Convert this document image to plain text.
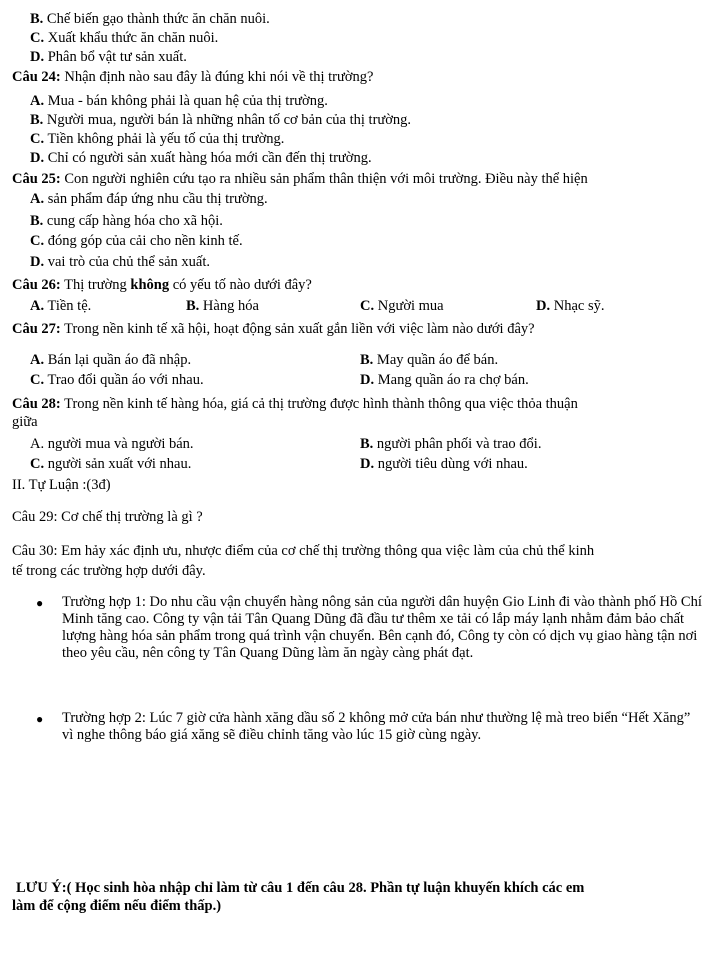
B. Chế biến gạo thành thức ăn chăn nuôi.
C. Xuất khẩu thức ăn chăn nuôi.
D. Phân bổ vật tư sản xuất.
Câu 24: Nhận định nào sau đây là đúng khi nói về thị trường?
A. Mua - bán không phải là quan hệ của thị trường.
B. Người mua, người bán là những nhân tố cơ bản của thị trường.
C. Tiền không phải là yếu tố của thị trường.
D. Chỉ có người sản xuất hàng hóa mới cần đến thị trường.
Câu 25: Con người nghiên cứu tạo ra nhiều sản phẩm thân thiện với môi trường. Điều này thể hiện
A. sản phẩm đáp ứng nhu cầu thị trường.
B. cung cấp hàng hóa cho xã hội.
C. đóng góp của cải cho nền kinh tế.
D. vai trò của chủ thể sản xuất.
Câu 26: Thị trường không có yếu tố nào dưới đây?
A. Tiền tệ.	B. Hàng hóa	C. Người mua	D. Nhạc sỹ.
Câu 27: Trong nền kinh tế xã hội, hoạt động sản xuất gắn liền với việc làm nào dưới đây?
A. Bán lại quần áo đã nhập.	B. May quần áo để bán.
C. Trao đổi quần áo với nhau.	D. Mang quần áo ra chợ bán.
Câu 28: Trong nền kinh tế hàng hóa, giá cả thị trường được hình thành thông qua việc thỏa thuận
giữa
A. người mua và người bán.	B. người phân phối và trao đổi.
C. người sản xuất với nhau.	D. người tiêu dùng với nhau.
II. Tự Luận :(3đ)
Câu 29: Cơ chế thị trường là gì ?
Câu 30: Em hảy xác định ưu, nhược điểm của cơ chế thị trường thông qua việc làm của chủ thể kinh
tế trong các trường hợp dưới đây.
● Trường hợp 1: Do nhu cầu vận chuyển hàng nông sản của người dân huyện Gio Linh đi vào thành phố Hồ Chí Minh tăng cao. Công ty vận tải Tân Quang Dũng đã đầu tư thêm xe tải có lắp máy lạnh nhằm đảm bảo chất lượng hàng hóa sản phẩm trong quá trình vận chuyển. Bên cạnh đó, Công ty còn có dịch vụ giao hàng tận nơi theo yêu cầu, nên công ty Tân Quang Dũng làm ăn ngày càng phát đạt.
● Trường hợp 2: Lúc 7 giờ cửa hành xăng dầu số 2 không mở cửa bán như thường lệ mà treo biển “Hết Xăng” vì nghe thông báo giá xăng sẽ điều chỉnh tăng vào lúc 15 giờ cùng ngày.
LƯU Ý:( Học sinh hòa nhập chỉ làm từ câu 1 đến câu 28. Phần tự luận khuyến khích các em
làm để cộng điểm nếu điểm thấp.)
